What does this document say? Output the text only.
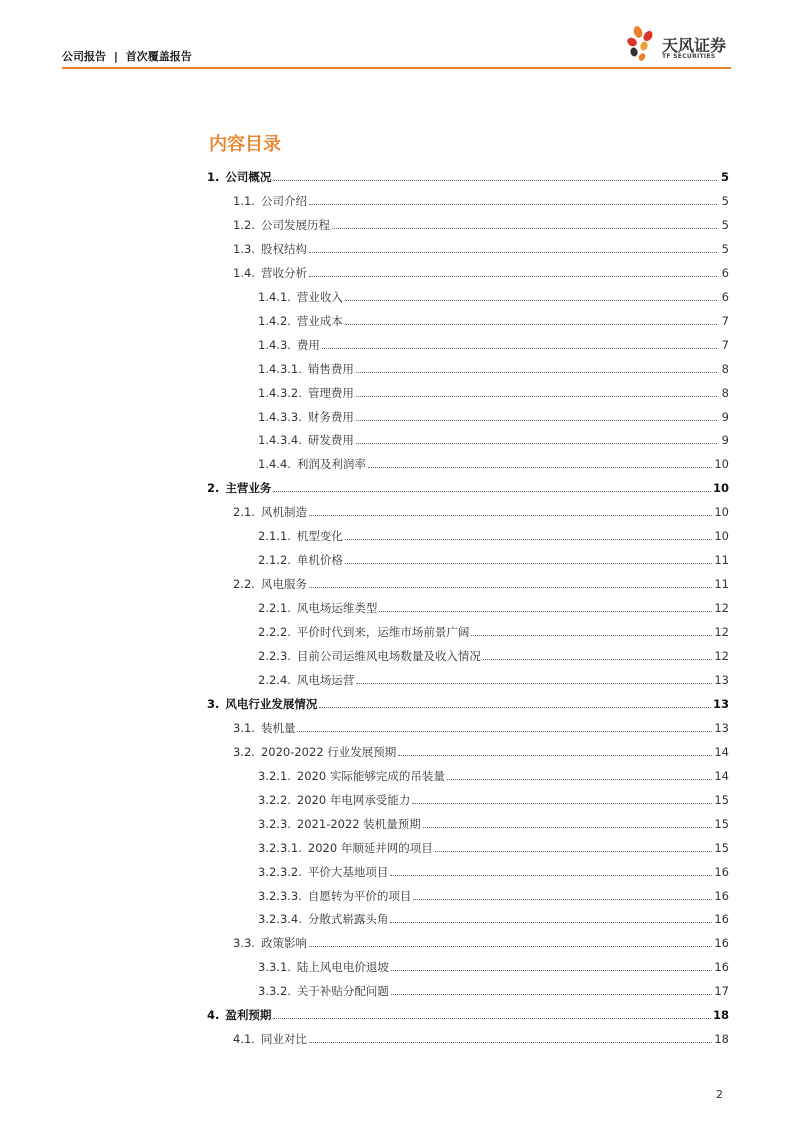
公司报告 | 首次覆盖报告
天风证券
TF SECURITIES
内容目录
1. 公司概况	5
1.1. 公司介绍	5
1.2. 公司发展历程	5
1.3. 股权结构	5
1.4. 营收分析	6
1.4.1. 营业收入	6
1.4.2. 营业成本	7
1.4.3. 费用	7
1.4.3.1. 销售费用	8
1.4.3.2. 管理费用	8
1.4.3.3. 财务费用	9
1.4.3.4. 研发费用	9
1.4.4. 利润及利润率	10
2. 主营业务	10
2.1. 风机制造	10
2.1.1. 机型变化	10
2.1.2. 单机价格	11
2.2. 风电服务	11
2.2.1. 风电场运维类型	12
2.2.2. 平价时代到来，运维市场前景广阔	12
2.2.3. 目前公司运维风电场数量及收入情况	12
2.2.4. 风电场运营	13
3. 风电行业发展情况	13
3.1. 装机量	13
3.2. 2020-2022 行业发展预期	14
3.2.1. 2020 实际能够完成的吊装量	14
3.2.2. 2020 年电网承受能力	15
3.2.3. 2021-2022 装机量预期	15
3.2.3.1. 2020 年顺延并网的项目	15
3.2.3.2. 平价大基地项目	16
3.2.3.3. 自愿转为平价的项目	16
3.2.3.4. 分散式崭露头角	16
3.3. 政策影响	16
3.3.1. 陆上风电电价退坡	16
3.3.2. 关于补贴分配问题	17
4. 盈利预期	18
4.1. 同业对比	18
2
